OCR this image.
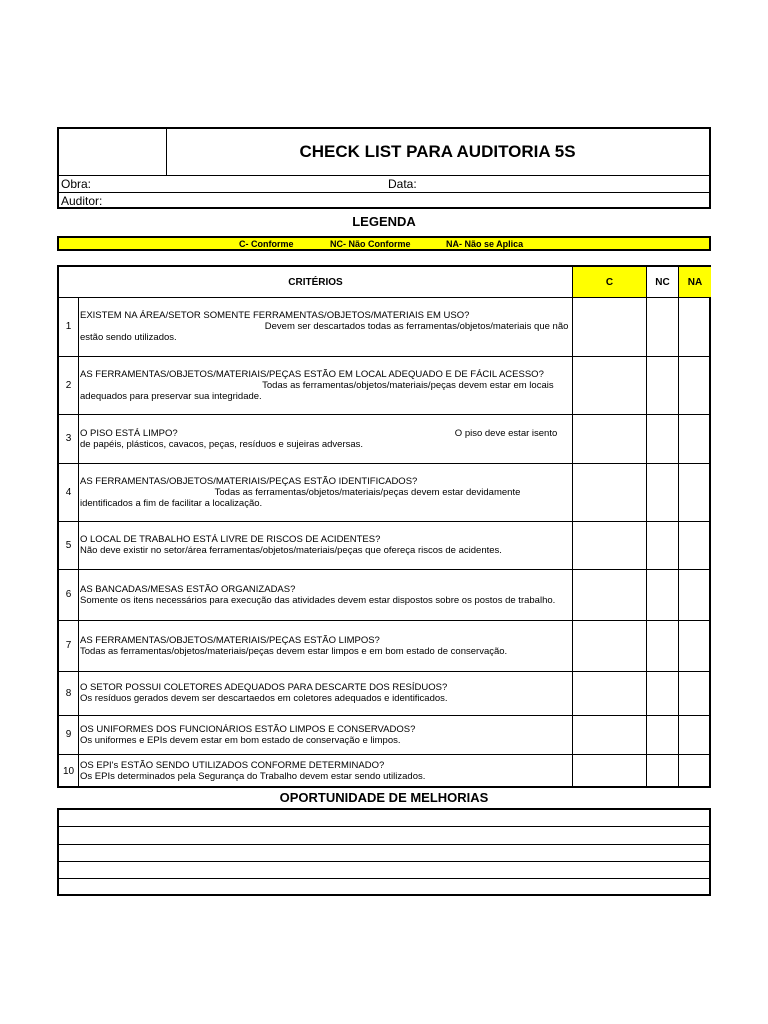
CHECK LIST PARA AUDITORIA 5S
Obra:	Data:
Auditor:
LEGENDA
C- Conforme	NC- Não Conforme	NA- Não se Aplica
CRITÉRIOS	C	NC	NA
1
EXISTEM NA ÁREA/SETOR SOMENTE FERRAMENTAS/OBJETOS/MATERIAIS EM USO?
Devem ser descartados todas as ferramentas/objetos/materiais que não estão sendo utilizados.
2
AS FERRAMENTAS/OBJETOS/MATERIAIS/PEÇAS ESTÃO EM LOCAL ADEQUADO E DE FÁCIL ACESSO?
Todas as ferramentas/objetos/materiais/peças devem estar em locais adequados para preservar sua integridade.
3 O PISO ESTÁ LIMPO?                                                                                                         O piso deve estar isento
de papéis, plásticos, cavacos, peças, resíduos e sujeiras adversas.
4
AS FERRAMENTAS/OBJETOS/MATERIAIS/PEÇAS ESTÃO IDENTIFICADOS?
Todas as ferramentas/objetos/materiais/peças devem estar devidamente identificados a fim de facilitar a localização.
5 O LOCAL DE TRABALHO ESTÁ LIVRE DE RISCOS DE ACIDENTES?
Não deve existir no setor/área ferramentas/objetos/materiais/peças que ofereça riscos de acidentes.
6 AS BANCADAS/MESAS ESTÃO ORGANIZADAS?
Somente os itens necessários para execução das atividades devem estar dispostos sobre os postos de trabalho.
7 AS FERRAMENTAS/OBJETOS/MATERIAIS/PEÇAS ESTÃO LIMPOS?
Todas as ferramentas/objetos/materiais/peças devem estar limpos e em bom estado de conservação.
8 O SETOR POSSUI COLETORES ADEQUADOS PARA DESCARTE DOS RESÍDUOS?
Os resíduos gerados devem ser descartaedos em coletores adequados e identificados.
9 OS UNIFORMES DOS FUNCIONÁRIOS ESTÃO LIMPOS E CONSERVADOS?
Os uniformes e EPIs devem estar em bom estado de conservação e limpos.
10 OS EPI's ESTÃO SENDO UTILIZADOS CONFORME DETERMINADO?
Os EPIs determinados pela Segurança do Trabalho devem estar sendo utilizados.
OPORTUNIDADE DE MELHORIAS
